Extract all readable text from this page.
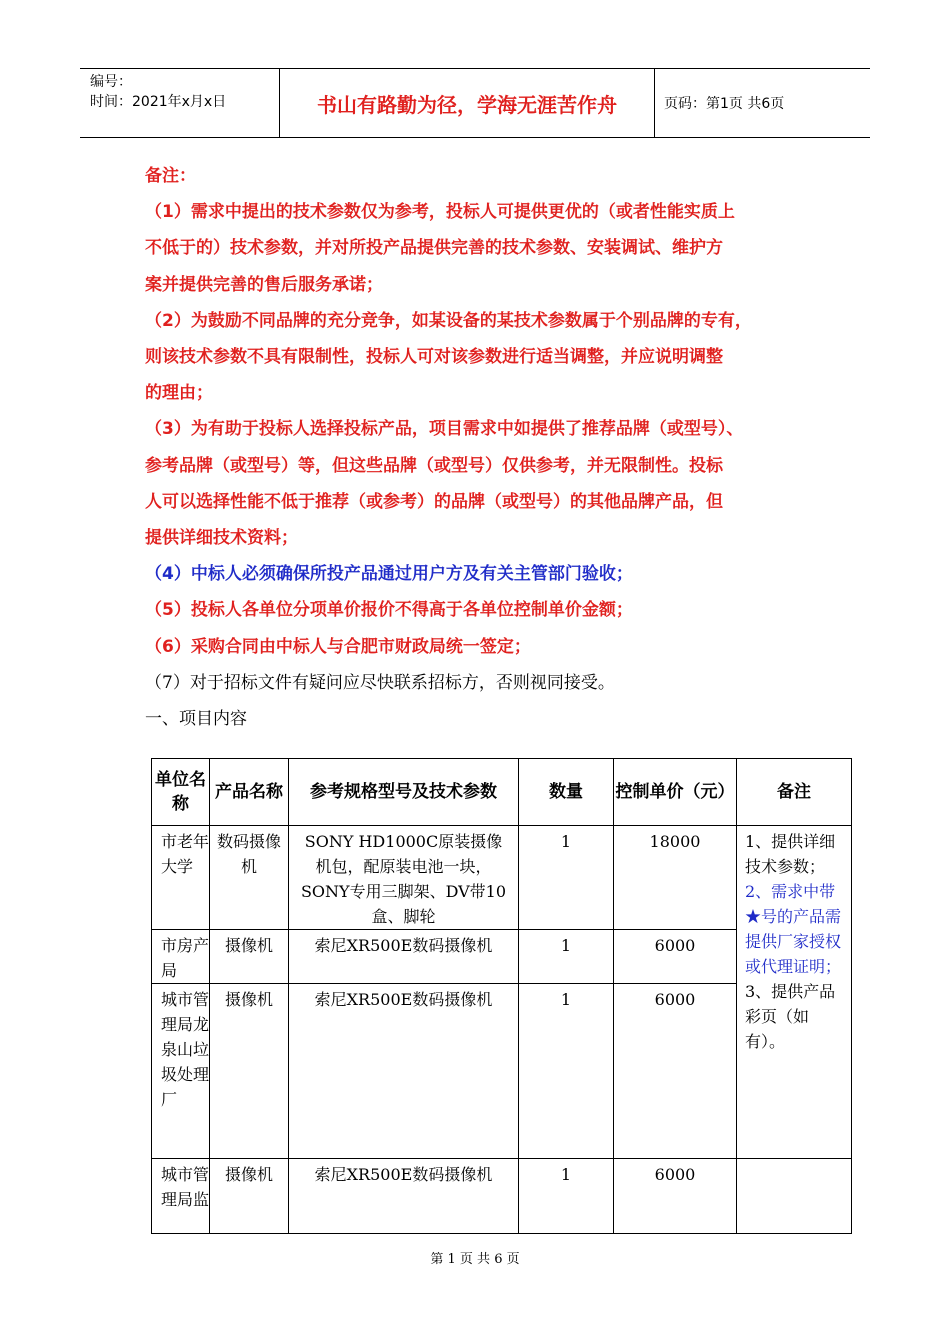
编号：
时间：2021年x月x日	书山有路勤为径，学海无涯苦作舟	页码：第1页 共6页
备注：
（1）需求中提出的技术参数仅为参考，投标人可提供更优的（或者性能实质上
不低于的）技术参数，并对所投产品提供完善的技术参数、安装调试、维护方
案并提供完善的售后服务承诺；
（2）为鼓励不同品牌的充分竞争，如某设备的某技术参数属于个别品牌的专有，
则该技术参数不具有限制性，投标人可对该参数进行适当调整，并应说明调整
的理由；
（3）为有助于投标人选择投标产品，项目需求中如提供了推荐品牌（或型号）、
参考品牌（或型号）等，但这些品牌（或型号）仅供参考，并无限制性。投标
人可以选择性能不低于推荐（或参考）的品牌（或型号）的其他品牌产品，但
提供详细技术资料；
（4）中标人必须确保所投产品通过用户方及有关主管部门验收；
（5）投标人各单位分项单价报价不得高于各单位控制单价金额；
（6）采购合同由中标人与合肥市财政局统一签定；
（7）对于招标文件有疑问应尽快联系招标方，否则视同接受。
一、项目内容
单位名称	产品名称	参考规格型号及技术参数	数量	控制单价（元）	备注
市老年大学	数码摄像机	SONY HD1000C原装摄像机包，配原装电池一块，SONY专用三脚架、DV带10盒、脚轮	1	18000	1、提供详细技术参数；
2、需求中带★号的产品需提供厂家授权或代理证明；
3、提供产品彩页（如有）。

市房产局	摄像机	索尼XR500E数码摄像机	1	6000	
城市管理局龙泉山垃圾处理厂	摄像机	索尼XR500E数码摄像机	1	6000	
城市管理局监	摄像机	索尼XR500E数码摄像机	1	6000	
第 1 页 共 6 页
